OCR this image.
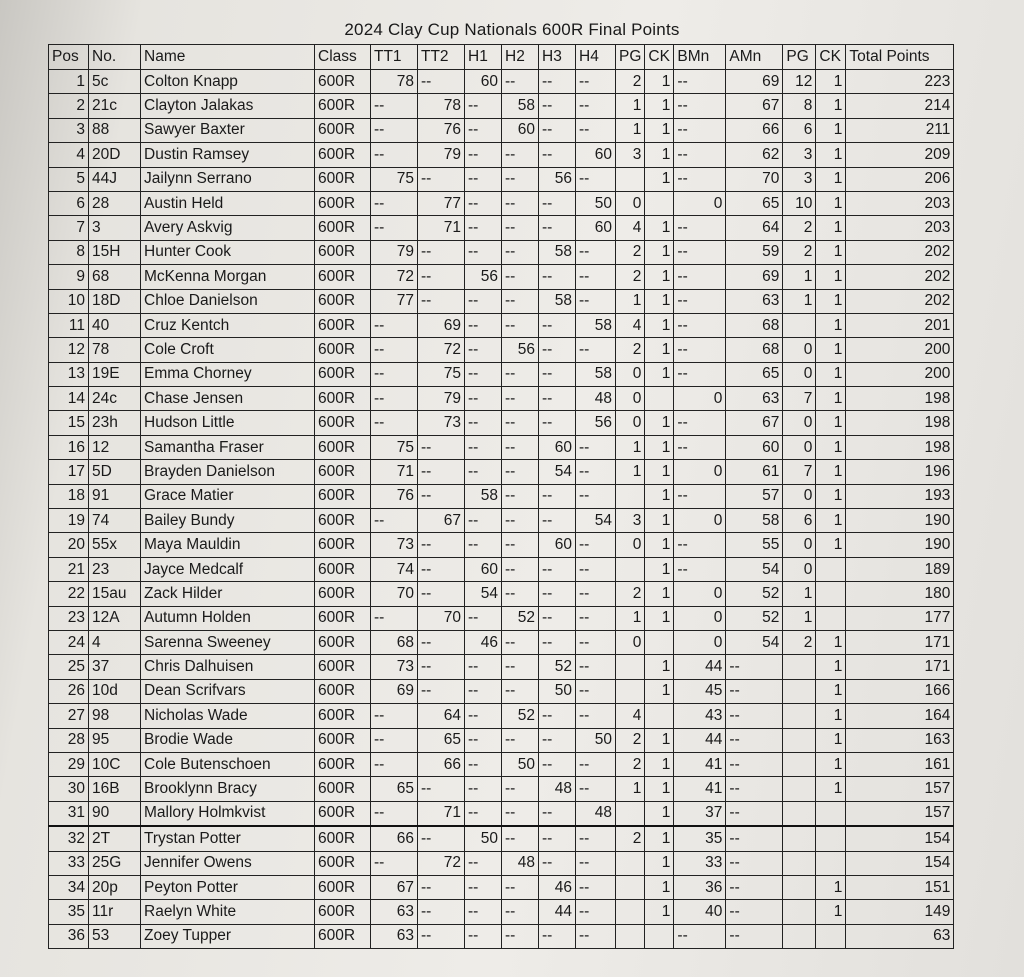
2024 Clay Cup Nationals 600R Final Points
Pos	No.	Name	Class	TT1	TT2	H1	H2	H3	H4	PG	CK	BMn	AMn	PG	CK	Total Points
1	5c	Colton Knapp	600R	78	--	60	--	--	--	2	1	--	69	12	1	223
2	21c	Clayton Jalakas	600R	--	78	--	58	--	--	1	1	--	67	8	1	214
3	88	Sawyer Baxter	600R	--	76	--	60	--	--	1	1	--	66	6	1	211
4	20D	Dustin Ramsey	600R	--	79	--	--	--	60	3	1	--	62	3	1	209
5	44J	Jailynn Serrano	600R	75	--	--	--	56	--		1	--	70	3	1	206
6	28	Austin Held	600R	--	77	--	--	--	50	0		0	65	10	1	203
7	3	Avery Askvig	600R	--	71	--	--	--	60	4	1	--	64	2	1	203
8	15H	Hunter Cook	600R	79	--	--	--	58	--	2	1	--	59	2	1	202
9	68	McKenna Morgan	600R	72	--	56	--	--	--	2	1	--	69	1	1	202
10	18D	Chloe Danielson	600R	77	--	--	--	58	--	1	1	--	63	1	1	202
11	40	Cruz Kentch	600R	--	69	--	--	--	58	4	1	--	68		1	201
12	78	Cole Croft	600R	--	72	--	56	--	--	2	1	--	68	0	1	200
13	19E	Emma Chorney	600R	--	75	--	--	--	58	0	1	--	65	0	1	200
14	24c	Chase Jensen	600R	--	79	--	--	--	48	0		0	63	7	1	198
15	23h	Hudson Little	600R	--	73	--	--	--	56	0	1	--	67	0	1	198
16	12	Samantha Fraser	600R	75	--	--	--	60	--	1	1	--	60	0	1	198
17	5D	Brayden Danielson	600R	71	--	--	--	54	--	1	1	0	61	7	1	196
18	91	Grace Matier	600R	76	--	58	--	--	--		1	--	57	0	1	193
19	74	Bailey Bundy	600R	--	67	--	--	--	54	3	1	0	58	6	1	190
20	55x	Maya Mauldin	600R	73	--	--	--	60	--	0	1	--	55	0	1	190
21	23	Jayce Medcalf	600R	74	--	60	--	--	--		1	--	54	0		189
22	15au	Zack Hilder	600R	70	--	54	--	--	--	2	1	0	52	1		180
23	12A	Autumn Holden	600R	--	70	--	52	--	--	1	1	0	52	1		177
24	4	Sarenna Sweeney	600R	68	--	46	--	--	--	0		0	54	2	1	171
25	37	Chris Dalhuisen	600R	73	--	--	--	52	--		1	44	--		1	171
26	10d	Dean Scrifvars	600R	69	--	--	--	50	--		1	45	--		1	166
27	98	Nicholas Wade	600R	--	64	--	52	--	--	4		43	--		1	164
28	95	Brodie Wade	600R	--	65	--	--	--	50	2	1	44	--		1	163
29	10C	Cole Butenschoen	600R	--	66	--	50	--	--	2	1	41	--		1	161
30	16B	Brooklynn Bracy	600R	65	--	--	--	48	--	1	1	41	--		1	157
31	90	Mallory Holmkvist	600R	--	71	--	--	--	48		1	37	--			157
32	2T	Trystan Potter	600R	66	--	50	--	--	--	2	1	35	--			154
33	25G	Jennifer Owens	600R	--	72	--	48	--	--		1	33	--			154
34	20p	Peyton Potter	600R	67	--	--	--	46	--		1	36	--		1	151
35	11r	Raelyn White	600R	63	--	--	--	44	--		1	40	--		1	149
36	53	Zoey Tupper	600R	63	--	--	--	--	--			--	--			63
